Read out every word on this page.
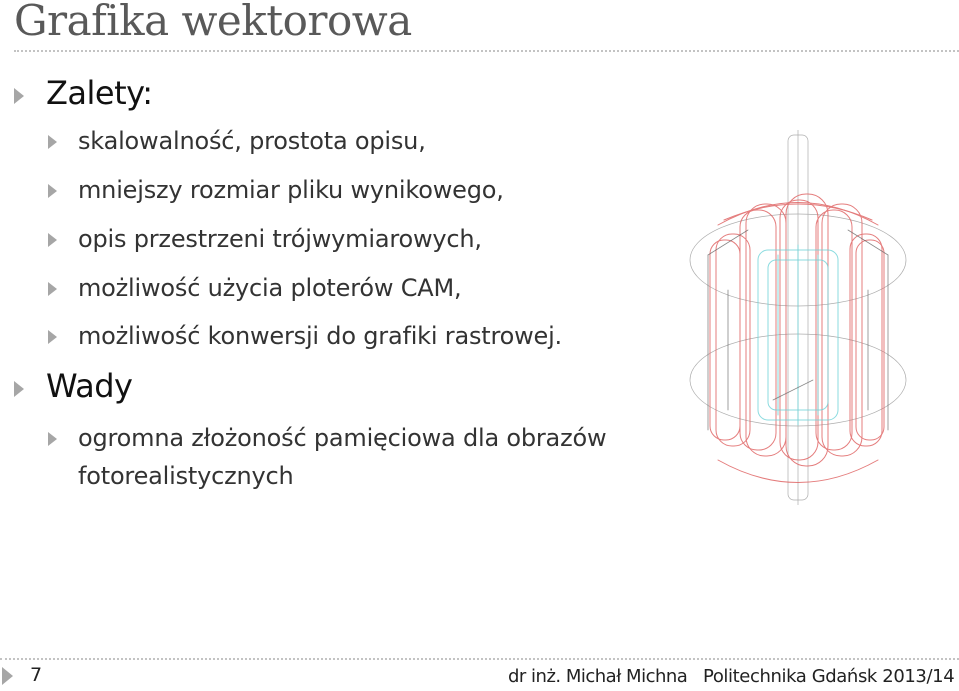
Grafika wektorowa
Zalety:
skalowalność, prostota opisu,
mniejszy rozmiar pliku wynikowego,
opis przestrzeni trójwymiarowych,
możliwość użycia ploterów CAM,
możliwość konwersji do grafiki rastrowej.
Wady
ogromna złożoność pamięciowa dla obrazów
fotorealistycznych
7	dr inż. Michał Michna Politechnika Gdańsk 2013/14
